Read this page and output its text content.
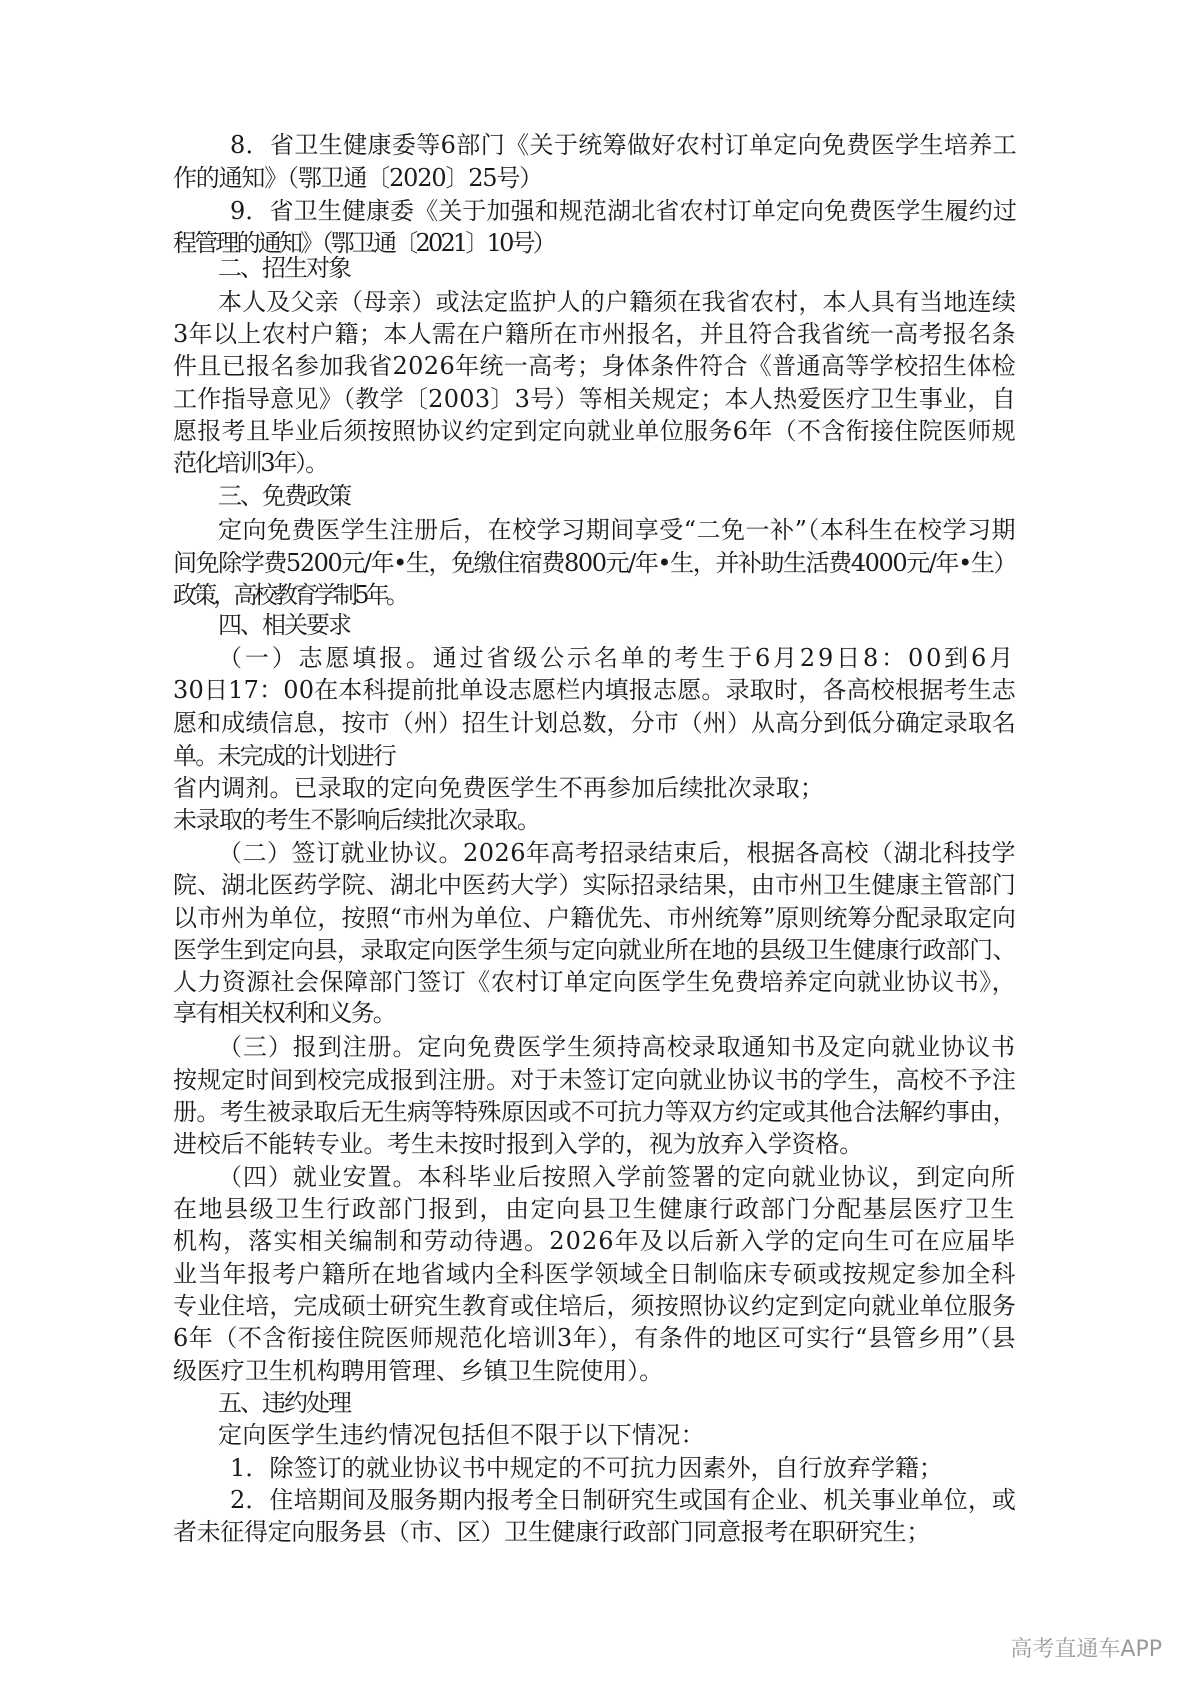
8．省卫生健康委等6部门《关于统筹做好农村订单定向免费医学生培养工
作的通知》（鄂卫通〔2020〕25号）
9．省卫生健康委《关于加强和规范湖北省农村订单定向免费医学生履约过
程管理的通知》（鄂卫通〔2021〕10号）
二、招生对象
本人及父亲（母亲）或法定监护人的户籍须在我省农村，本人具有当地连续
3年以上农村户籍；本人需在户籍所在市州报名，并且符合我省统一高考报名条
件且已报名参加我省2026年统一高考；身体条件符合《普通高等学校招生体检
工作指导意见》（教学〔2003〕3号）等相关规定；本人热爱医疗卫生事业，自
愿报考且毕业后须按照协议约定到定向就业单位服务6年（不含衔接住院医师规
范化培训3年）。
三、免费政策
定向免费医学生注册后，在校学习期间享受“二免一补”（本科生在校学习期
间免除学费5200元/年•生，免缴住宿费800元/年•生，并补助生活费4000元/年•生）
政策，高校教育学制5年。
四、相关要求
（一）志愿填报。通过省级公示名单的考生于6月29日8：00到6月
30日17：00在本科提前批单设志愿栏内填报志愿。录取时，各高校根据考生志
愿和成绩信息，按市（州）招生计划总数，分市（州）从高分到低分确定录取名
单。未完成的计划进行
省内调剂。已录取的定向免费医学生不再参加后续批次录取；
未录取的考生不影响后续批次录取。
（二）签订就业协议。2026年高考招录结束后，根据各高校（湖北科技学
院、湖北医药学院、湖北中医药大学）实际招录结果，由市州卫生健康主管部门
以市州为单位，按照“市州为单位、户籍优先、市州统筹”原则统筹分配录取定向
医学生到定向县，录取定向医学生须与定向就业所在地的县级卫生健康行政部门、
人力资源社会保障部门签订《农村订单定向医学生免费培养定向就业协议书》，
享有相关权利和义务。
（三）报到注册。定向免费医学生须持高校录取通知书及定向就业协议书
按规定时间到校完成报到注册。对于未签订定向就业协议书的学生，高校不予注
册。考生被录取后无生病等特殊原因或不可抗力等双方约定或其他合法解约事由，
进校后不能转专业。考生未按时报到入学的，视为放弃入学资格。
（四）就业安置。本科毕业后按照入学前签署的定向就业协议，到定向所
在地县级卫生行政部门报到，由定向县卫生健康行政部门分配基层医疗卫生
机构，落实相关编制和劳动待遇。2026年及以后新入学的定向生可在应届毕
业当年报考户籍所在地省域内全科医学领域全日制临床专硕或按规定参加全科
专业住培，完成硕士研究生教育或住培后，须按照协议约定到定向就业单位服务
6年（不含衔接住院医师规范化培训3年），有条件的地区可实行“县管乡用”（县
级医疗卫生机构聘用管理、乡镇卫生院使用）。
五、违约处理
定向医学生违约情况包括但不限于以下情况：
1．除签订的就业协议书中规定的不可抗力因素外，自行放弃学籍；
2．住培期间及服务期内报考全日制研究生或国有企业、机关事业单位，或
者未征得定向服务县（市、区）卫生健康行政部门同意报考在职研究生；
高考直通车APP
